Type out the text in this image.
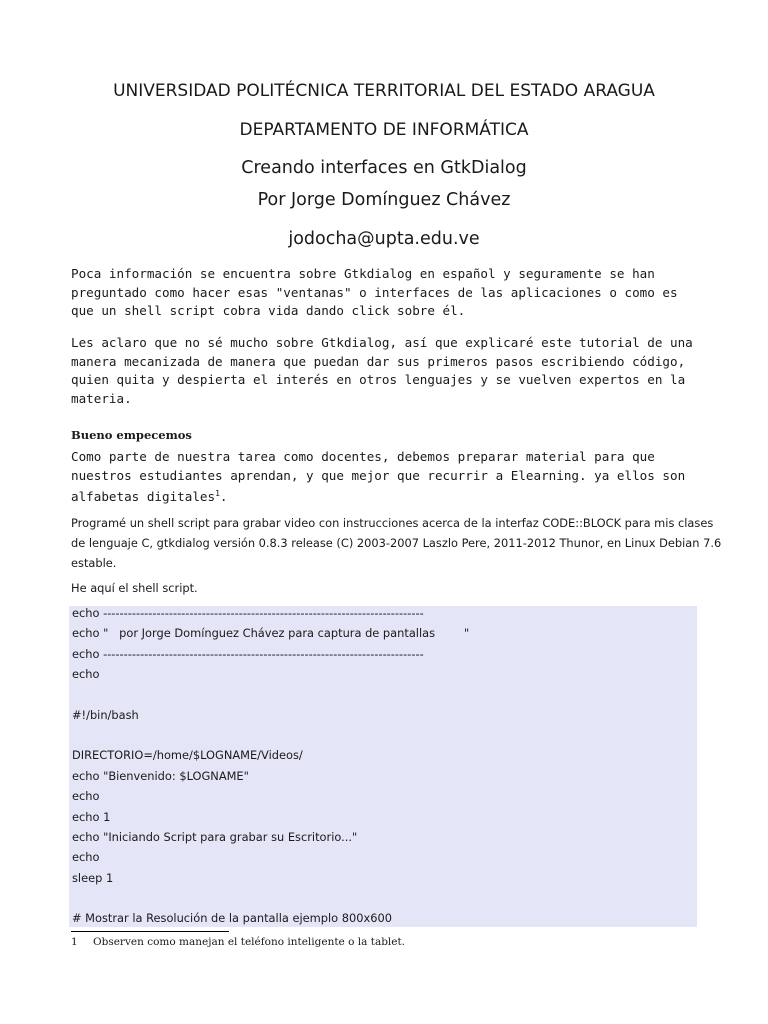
UNIVERSIDAD POLITÉCNICA TERRITORIAL DEL ESTADO ARAGUA
DEPARTAMENTO DE INFORMÁTICA
Creando interfaces en GtkDialog
Por Jorge Domínguez Chávez
jodocha@upta.edu.ve
Poca información se encuentra sobre Gtkdialog en español y seguramente se han
preguntado como hacer esas "ventanas" o interfaces de las aplicaciones o como es
que un shell script cobra vida dando click sobre él.
Les aclaro que no sé mucho sobre Gtkdialog, así que explicaré este tutorial de una
manera mecanizada de manera que puedan dar sus primeros pasos escribiendo código,
quien quita y despierta el interés en otros lenguajes y se vuelven expertos en la
materia.
Bueno empecemos
Como parte de nuestra tarea como docentes, debemos preparar material para que
nuestros estudiantes aprendan, y que mejor que recurrir a Elearning. ya ellos son
alfabetas digitales$^1$.
Programé un shell script para grabar video con instrucciones acerca de la interfaz CODE::BLOCK para mis clases
de lenguaje C, gtkdialog versión 0.8.3 release (C) 2003-2007 Laszlo Pere, 2011-2012 Thunor, en Linux Debian 7.6
estable.
He aquí el shell script.
echo ------------------------------------------------------------------------------
echo "   por Jorge Domínguez Chávez para captura de pantallas        "
echo ------------------------------------------------------------------------------
echo
#!/bin/bash
DIRECTORIO=/home/$LOGNAME/Videos/
echo "Bienvenido: $LOGNAME"
echo
echo 1
echo "Iniciando Script para grabar su Escritorio..."
echo
sleep 1
# Mostrar la Resolución de la pantalla ejemplo 800x600
1 Observen como manejan el teléfono inteligente o la tablet.
